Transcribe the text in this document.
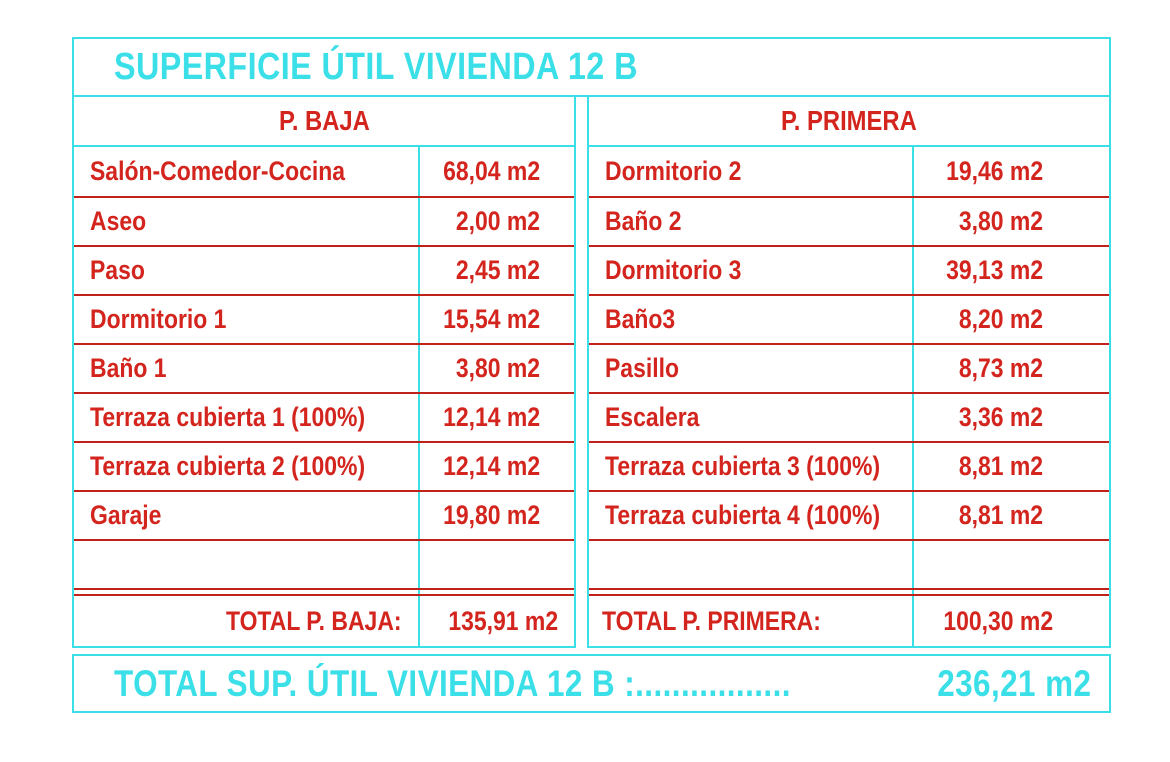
SUPERFICIE ÚTIL VIVIENDA 12 B
P. BAJA
Salón-Comedor-Cocina	68,04 m2
Aseo	2,00 m2
Paso	2,45 m2
Dormitorio 1	15,54 m2
Baño 1	3,80 m2
Terraza cubierta 1 (100%)	12,14 m2
Terraza cubierta 2 (100%)	12,14 m2
Garaje	19,80 m2
TOTAL P. BAJA: 135,91 m2
P. PRIMERA
Dormitorio 2	19,46 m2
Baño 2	3,80 m2
Dormitorio 3	39,13 m2
Baño3	8,20 m2
Pasillo	8,73 m2
Escalera	3,36 m2
Terraza cubierta 3 (100%)	8,81 m2
Terraza cubierta 4 (100%)	8,81 m2
TOTAL P. PRIMERA:	100,30 m2
TOTAL SUP. ÚTIL VIVIENDA 12 B :.................	236,21 m2
